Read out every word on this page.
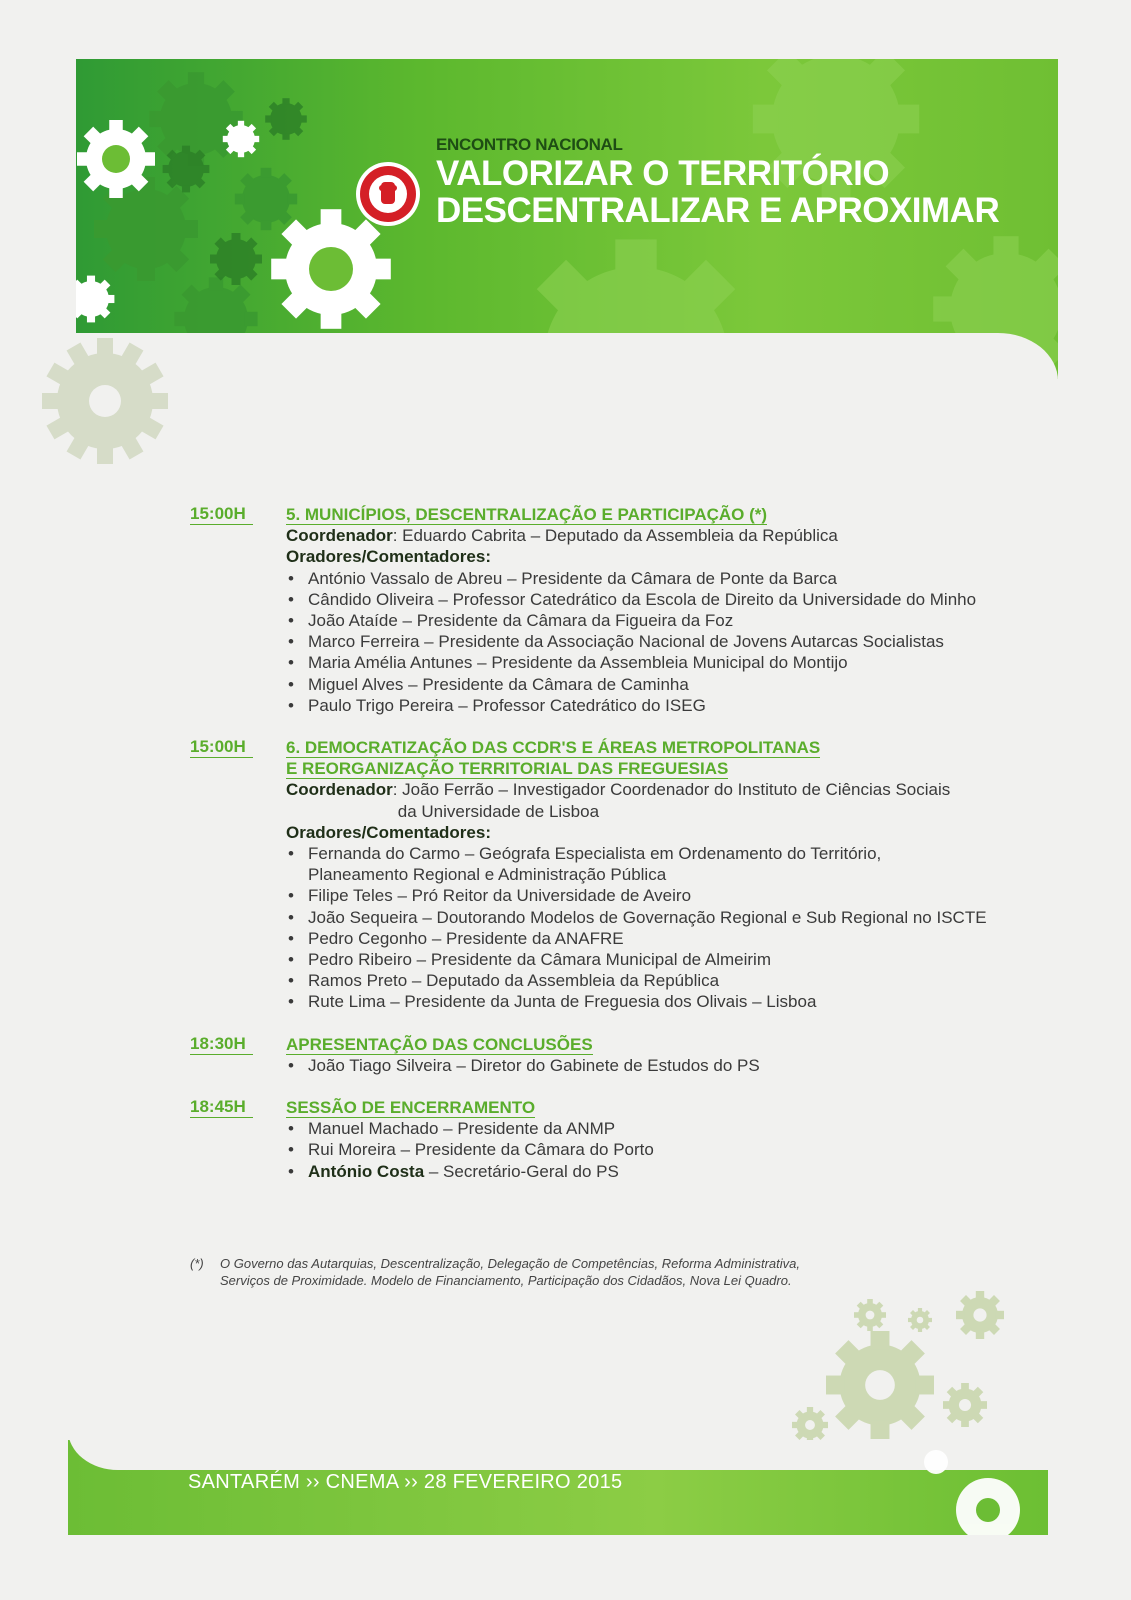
ENCONTRO NACIONAL
VALORIZAR O TERRITÓRIO
DESCENTRALIZAR E APROXIMAR
15:00H	5. MUNICÍPIOS, DESCENTRALIZAÇÃO E PARTICIPAÇÃO (*)
Coordenador: Eduardo Cabrita – Deputado da Assembleia da República
Oradores/Comentadores:
• António Vassalo de Abreu – Presidente da Câmara de Ponte da Barca
• Cândido Oliveira – Professor Catedrático da Escola de Direito da Universidade do Minho
• João Ataíde – Presidente da Câmara da Figueira da Foz
• Marco Ferreira – Presidente da Associação Nacional de Jovens Autarcas Socialistas
• Maria Amélia Antunes – Presidente da Assembleia Municipal do Montijo
• Miguel Alves – Presidente da Câmara de Caminha
• Paulo Trigo Pereira – Professor Catedrático do ISEG
15:00H	6. DEMOCRATIZAÇÃO DAS CCDR'S E ÁREAS METROPOLITANAS
E REORGANIZAÇÃO TERRITORIAL DAS FREGUESIAS
Coordenador : João Ferrão – Investigador Coordenador do Instituto de Ciências Sociais
da Universidade de Lisboa
Oradores/Comentadores:
• Fernanda do Carmo – Geógrafa Especialista em Ordenamento do Território,
Planeamento Regional e Administração Pública
• Filipe Teles – Pró Reitor da Universidade de Aveiro
• João Sequeira – Doutorando Modelos de Governação Regional e Sub Regional no ISCTE
• Pedro Cegonho – Presidente da ANAFRE
• Pedro Ribeiro – Presidente da Câmara Municipal de Almeirim
• Ramos Preto – Deputado da Assembleia da República
• Rute Lima – Presidente da Junta de Freguesia dos Olivais – Lisboa
18:30H	APRESENTAÇÃO DAS CONCLUSÕES
• João Tiago Silveira – Diretor do Gabinete de Estudos do PS
18:45H	SESSÃO DE ENCERRAMENTO
• Manuel Machado – Presidente da ANMP
• Rui Moreira – Presidente da Câmara do Porto
• António Costa – Secretário-Geral do PS
(*) O Governo das Autarquias, Descentralização, Delegação de Competências, Reforma Administrativa,
Serviços de Proximidade. Modelo de Financiamento, Participação dos Cidadãos, Nova Lei Quadro.
SANTARÉM ›› CNEMA ›› 28 FEVEREIRO 2015
